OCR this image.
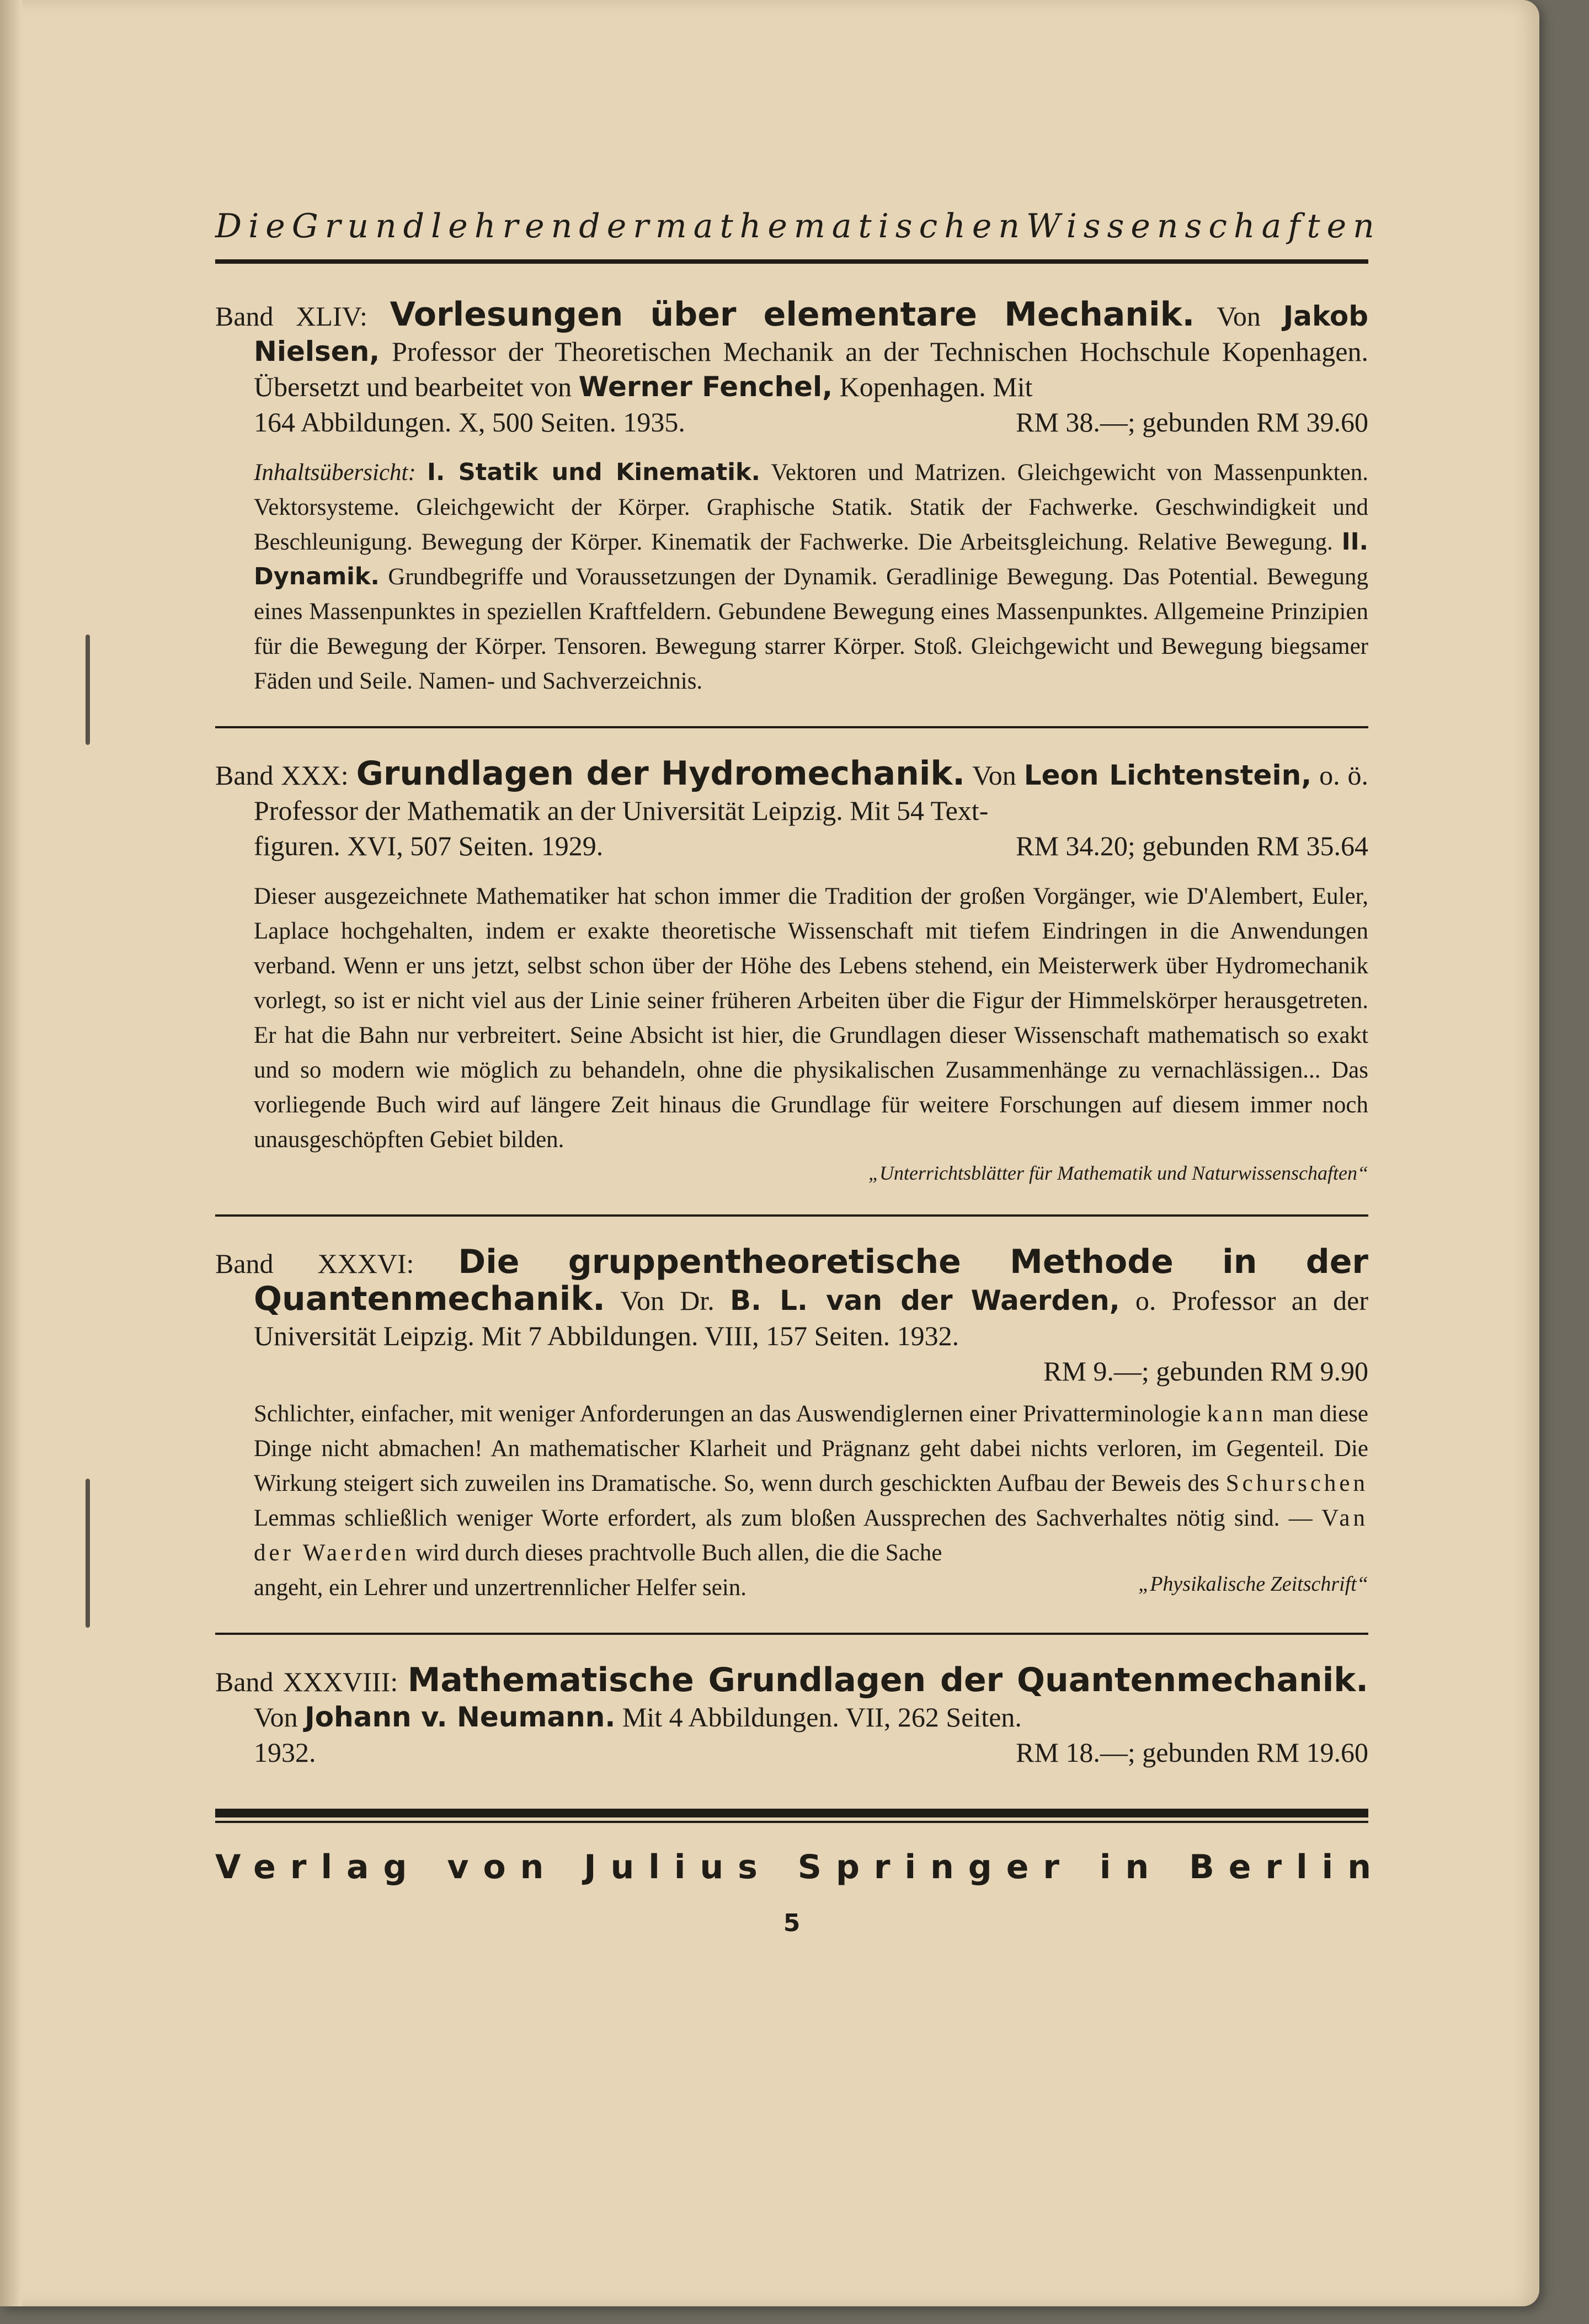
Die Grundlehren der mathematischen Wissenschaften

Band XLIV: Vorlesungen über elementare Mechanik. Von Jakob Nielsen, Professor der Theoretischen Mechanik an der Technischen Hochschule Kopenhagen. Übersetzt und bearbeitet von Werner Fenchel, Kopenhagen. Mit

164 Abbildungen. X, 500 Seiten. 1935.	RM 38.—; gebunden RM 39.60

Inhaltsübersicht: I. Statik und Kinematik. Vektoren und Matrizen. Gleichgewicht von Massenpunkten. Vektorsysteme. Gleichgewicht der Körper. Graphische Statik. Statik der Fachwerke. Geschwindigkeit und Beschleunigung. Bewegung der Körper. Kinematik der Fachwerke. Die Arbeitsgleichung. Relative Bewegung. II. Dynamik. Grundbegriffe und Voraussetzungen der Dynamik. Geradlinige Bewegung. Das Potential. Bewegung eines Massenpunktes in speziellen Kraftfeldern. Gebundene Bewegung eines Massenpunktes. Allgemeine Prinzipien für die Bewegung der Körper. Tensoren. Bewegung starrer Körper. Stoß. Gleichgewicht und Bewegung biegsamer Fäden und Seile. Namen- und Sachverzeichnis.

Band XXX: Grundlagen der Hydromechanik. Von Leon Lichtenstein, o. ö. Professor der Mathematik an der Universität Leipzig. Mit 54 Text-

figuren. XVI, 507 Seiten. 1929.	RM 34.20; gebunden RM 35.64

Dieser ausgezeichnete Mathematiker hat schon immer die Tradition der großen Vorgänger, wie D'Alembert, Euler, Laplace hochgehalten, indem er exakte theoretische Wissenschaft mit tiefem Eindringen in die Anwendungen verband. Wenn er uns jetzt, selbst schon über der Höhe des Lebens stehend, ein Meisterwerk über Hydromechanik vorlegt, so ist er nicht viel aus der Linie seiner früheren Arbeiten über die Figur der Himmelskörper herausgetreten. Er hat die Bahn nur verbreitert. Seine Absicht ist hier, die Grundlagen dieser Wissenschaft mathematisch so exakt und so modern wie möglich zu behandeln, ohne die physikalischen Zusammenhänge zu vernachlässigen... Das vorliegende Buch wird auf längere Zeit hinaus die Grundlage für weitere Forschungen auf diesem immer noch unausgeschöpften Gebiet bilden.

„Unterrichtsblätter für Mathematik und Naturwissenschaften“

Band XXXVI: Die gruppentheoretische Methode in der Quantenmechanik. Von Dr. B. L. van der Waerden, o. Professor an der Universität Leipzig. Mit 7 Abbildungen. VIII, 157 Seiten. 1932.

RM 9.—; gebunden RM 9.90

Schlichter, einfacher, mit weniger Anforderungen an das Auswendiglernen einer Privatterminologie kann man diese Dinge nicht abmachen! An mathematischer Klarheit und Prägnanz geht dabei nichts verloren, im Gegenteil. Die Wirkung steigert sich zuweilen ins Dramatische. So, wenn durch geschickten Aufbau der Beweis des Schurschen Lemmas schließlich weniger Worte erfordert, als zum bloßen Aussprechen des Sachverhaltes nötig sind. — Van der Waerden wird durch dieses prachtvolle Buch allen, die die Sache

angeht, ein Lehrer und unzertrennlicher Helfer sein.	„Physikalische Zeitschrift“

Band XXXVIII: Mathematische Grundlagen der Quantenmechanik. Von Johann v. Neumann. Mit 4 Abbildungen. VII, 262 Seiten.

1932.	RM 18.—; gebunden RM 19.60
Verlag von Julius Springer in Berlin
5
